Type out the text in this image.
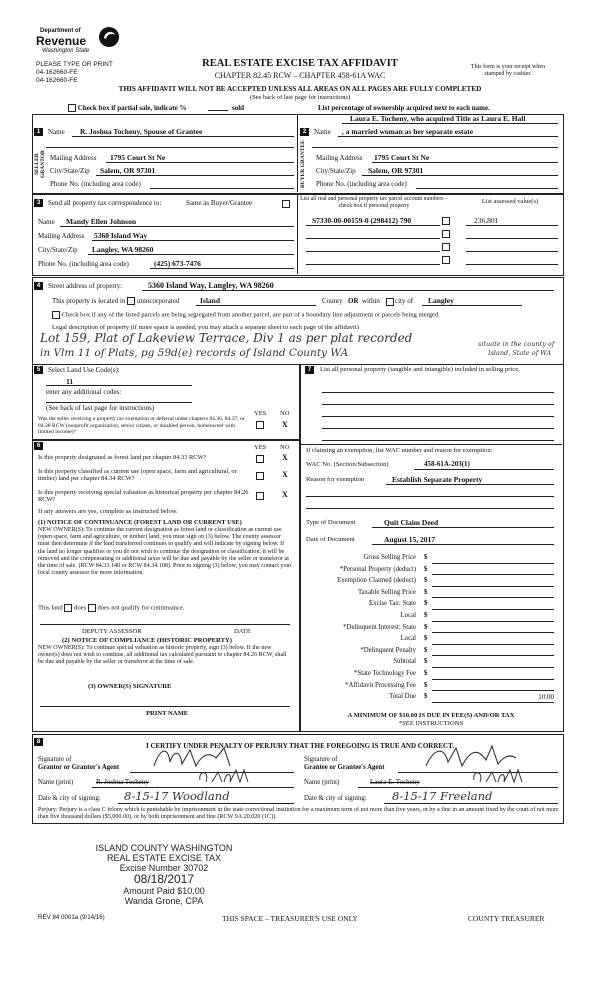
Department of
Revenue
Washington State
PLEASE TYPE OR PRINT
04-162660-FE
04-162660-FE
REAL ESTATE EXCISE TAX AFFIDAVIT
CHAPTER 82.45 RCW – CHAPTER 458-61A WAC
This form is your receipt when stamped by cashier.
THIS AFFIDAVIT WILL NOT BE ACCEPTED UNLESS ALL AREAS ON ALL PAGES ARE FULLY COMPLETED
(See back of last page for instructions)
Check box if partial sale, indicate %	sold	List percentage of ownership acquired next to each name.
1
SELLER GRANTOR
Name R. Joshua Tocheny, Spouse of Grantee
Mailing Address 1795 Court St Ne
City/State/Zip Salem, OR 97301
Phone No. (including area code)
Laura E. Tocheny, who acquired Title as Laura E. Hall
2
BUYER GRANTEE
Name , a married woman as her separate estate
Mailing Address 1795 Court St Ne
City/State/Zip Salem, OR 97301
Phone No. (including area code)
3	Send all property tax correspondence to:	Same as Buyer/Grantee
Name Mandy Ellen Johnson
Mailing Address 5360 Island Way
City/State/Zip Langley, WA 98260
Phone No. (including area code)	(425) 673-7476
List all real and personal property tax parcel account numbers – check box if personal property
List assessed value(s)
S7330-00-00159-0 (298412) 790	236,801
4	Street address of property:	5360 Island Way, Langley, WA 98260
This property is located in unincorporated	Island	County OR within city of Langley
Check box if any of the listed parcels are being segregated from another parcel, are part of a boundary line adjustment or parcels being merged.
Legal description of property (if more space is needed, you may attach a separate sheet to each page of the affidavit)
Lot 159, Plat of Lakeview Terrace, Div 1 as per plat recorded
in Vlm 11 of Plats, pg 59d(e) records of Island County WA
situate in the county of
Island, State of WA
5	Select Land Use Code(s):
11
enter any additional codes:
(See back of last page for instructions)
YES NO
Was the seller receiving a property tax exemption or deferral under chapters 84.36, 84.37, or 84.38 RCW (nonprofit organization, senior citizen, or disabled person, homeowner with limited income)?
X
6	YES NO
Is this property designated as forest land per chapter 84.33 RCW?	X
Is this property classified as current use (open space, farm and agricultural, or timber) land per chapter 84.34 RCW?	X
Is this property receiving special valuation as historical property per chapter 84.26 RCW?
X
If any answers are yes, complete as instructed below.
(1) NOTICE OF CONTINUANCE (FOREST LAND OR CURRENT USE)
NEW OWNER(S): To continue the current designation as forest land or classification as current use (open space, farm and agriculture, or timber) land, you must sign on (3) below. The county assessor must then determine if the land transferred continues to qualify and will indicate by signing below. If the land no longer qualifies or you do not wish to continue the designation or classification, it will be removed and the compensating or additional taxes will be due and payable by the seller or transferor at the time of sale. (RCW 84.33.140 or RCW 84.34.108). Prior to signing (3) below, you may contact your local county assessor for more information.
This land does does not qualify for continuance.
DEPUTY ASSESSOR	DATE
(2) NOTICE OF COMPLIANCE (HISTORIC PROPERTY)
NEW OWNER(S): To continue special valuation as historic property, sign (3) below. If the new owner(s) does not wish to continue, all additional tax calculated pursuant to chapter 84.26 RCW, shall be due and payable by the seller or transferor at the time of sale.
(3) OWNER(S) SIGNATURE
PRINT NAME
7	List all personal property (tangible and intangible) included in selling price.
If claiming an exemption, list WAC number and reason for exemption:
WAC No. (Section/Subsection)	458-61A-203(1)
Reason for exemption	Establish Separate Property
Type of Document	Quit Claim Deed
Date of Document	August 15, 2017
Gross Selling Price $
*Personal Property (deduct) $
Exemption Claimed (deduct) $
Taxable Selling Price $
Excise Tax: State $
Local $
*Delinquent Interest: State $
Local $
*Delinquent Penalty $
Subtotal $
*State Technology Fee $
*Affidavit Processing Fee $
Total Due $	10.00
A MINIMUM OF $10.00 IS DUE IN FEE(S) AND/OR TAX
*SEE INSTRUCTIONS
8	I CERTIFY UNDER PENALTY OF PERJURY THAT THE FOREGOING IS TRUE AND CORRECT.
Signature of
Grantor or Grantor's Agent
Name (print)	R. Joshua Tocheny
Date & city of signing: 8-15-17 Woodland
Signature of
Grantee or Grantee's Agent
Name (print)	Laura E. Tocheny
Date & city of signing: 8-15-17 Freeland
Perjury: Perjury is a class C felony which is punishable by imprisonment in the state correctional institution for a maximum term of not more than five years, or by a fine in an amount fixed by the court of not more than five thousand dollars ($5,000.00), or by both imprisonment and fine (RCW 9A.20.020 (1C)).
ISLAND COUNTY WASHINGTON
REAL ESTATE EXCISE TAX
Excise Number 30702
08/18/2017
Amount Paid $10.00
Wanda Grone, CPA
REV 84 0001a (9/14/16)	THIS SPACE – TREASURER'S USE ONLY	COUNTY TREASURER
